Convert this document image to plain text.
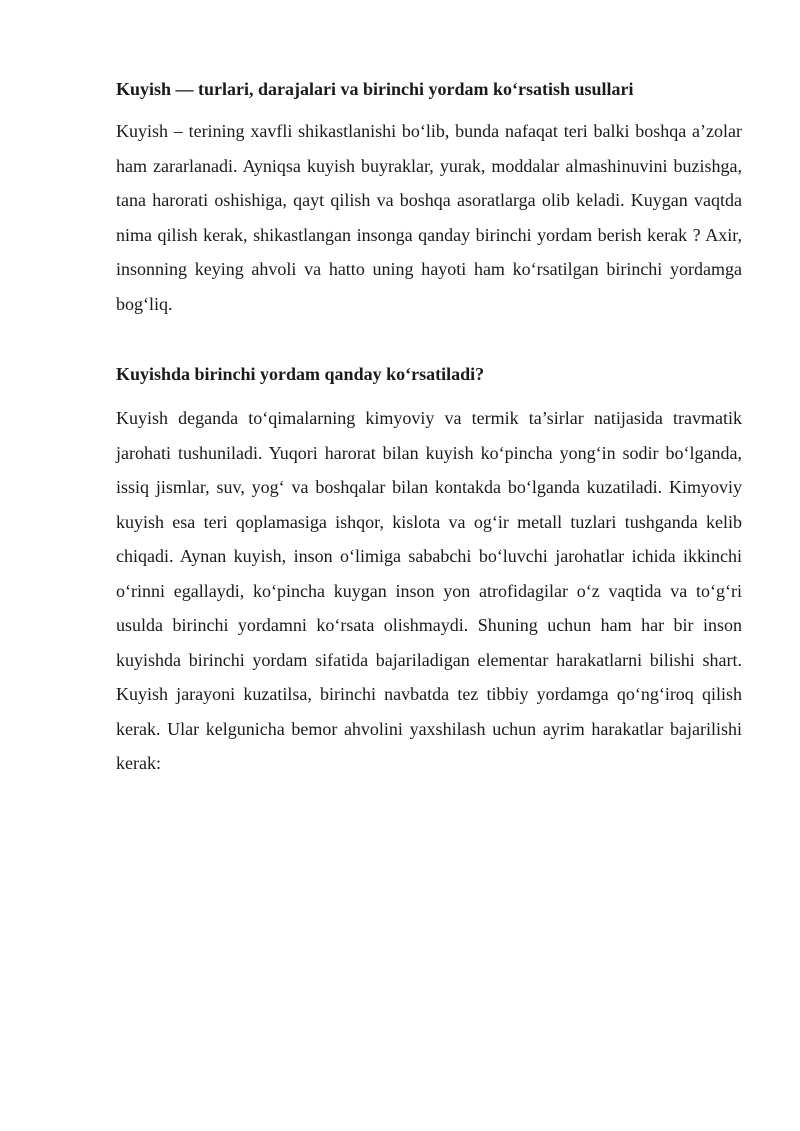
Kuyish — turlari, darajalari va birinchi yordam ko‘rsatish usullari

Kuyish – terining xavfli shikastlanishi bo‘lib, bunda nafaqat teri balki boshqa a’zolar ham zararlanadi. Ayniqsa kuyish buyraklar, yurak, moddalar almashinuvini buzishga, tana harorati oshishiga, qayt qilish va boshqa asoratlarga olib keladi. Kuygan vaqtda nima qilish kerak, shikastlangan insonga qanday birinchi yordam berish kerak ? Axir, insonning keying ahvoli va hatto uning hayoti ham ko‘rsatilgan birinchi yordamga bog‘liq.

Kuyishda birinchi yordam qanday ko‘rsatiladi?

Kuyish deganda to‘qimalarning kimyoviy va termik ta’sirlar natijasida travmatik jarohati tushuniladi. Yuqori harorat bilan kuyish ko‘pincha yong‘in sodir bo‘lganda, issiq jismlar, suv, yog‘ va boshqalar bilan kontakda bo‘lganda kuzatiladi. Kimyoviy kuyish esa teri qoplamasiga ishqor, kislota va og‘ir metall tuzlari tushganda kelib chiqadi. Aynan kuyish, inson o‘limiga sababchi bo‘luvchi jarohatlar ichida ikkinchi o‘rinni egallaydi, ko‘pincha kuygan inson yon atrofidagilar o‘z vaqtida va to‘g‘ri usulda birinchi yordamni ko‘rsata olishmaydi. Shuning uchun ham har bir inson kuyishda birinchi yordam sifatida bajariladigan elementar harakatlarni bilishi shart. Kuyish jarayoni kuzatilsa, birinchi navbatda tez tibbiy yordamga qo‘ng‘iroq qilish kerak. Ular kelgunicha bemor ahvolini yaxshilash uchun ayrim harakatlar bajarilishi kerak:
